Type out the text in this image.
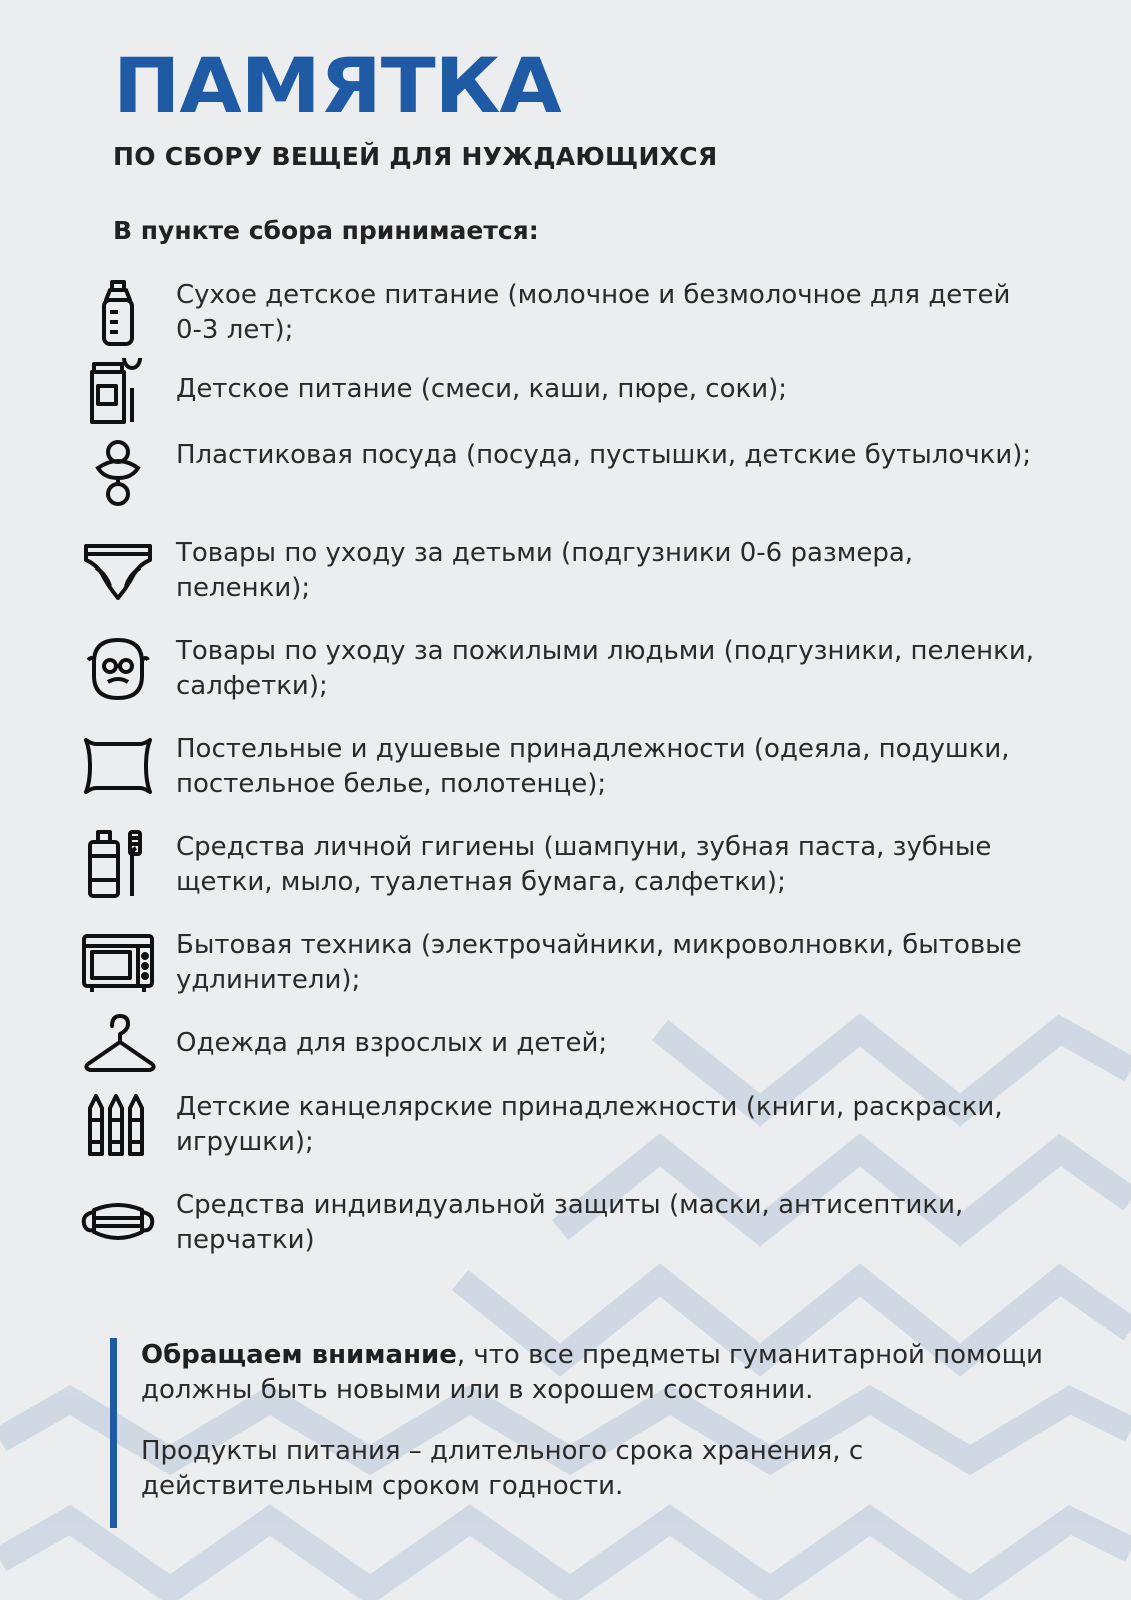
ПАМЯТКА
ПО СБОРУ ВЕЩЕЙ ДЛЯ НУЖДАЮЩИХСЯ
В пункте сбора принимается:
Сухое детское питание (молочное и безмолочное для детей 0-3 лет);
Детское питание (смеси, каши, пюре, соки);
Пластиковая посуда (посуда, пустышки, детские бутылочки);
Товары по уходу за детьми (подгузники 0-6 размера, пеленки);
Товары по уходу за пожилыми людьми (подгузники, пеленки, салфетки);
Постельные и душевые принадлежности (одеяла, подушки, постельное белье, полотенце);
Средства личной гигиены (шампуни, зубная паста, зубные щетки, мыло, туалетная бумага, салфетки);
Бытовая техника (электрочайники, микроволновки, бытовые удлинители);
Одежда для взрослых и детей;
Детские канцелярские принадлежности (книги, раскраски, игрушки);
Средства индивидуальной защиты (маски, антисептики, перчатки)

Обращаем внимание, что все предметы гуманитарной помощи должны быть новыми или в хорошем состоянии.

Продукты питания – длительного срока хранения, с действительным сроком годности.
